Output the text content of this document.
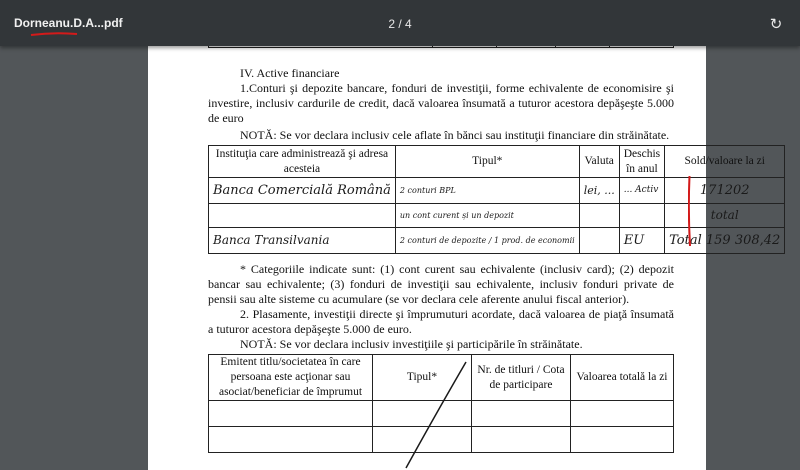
Dorneanu.D.A...pdf	2 / 4	↻

IV. Active financiare

1.Conturi şi depozite bancare, fonduri de investiţii, forme echivalente de economisire şi investire, inclusiv cardurile de credit, dacă valoarea însumată a tuturor acestora depăşeşte 5.000 de euro

NOTĂ: Se vor declara inclusiv cele aflate în bănci sau instituţii financiare din străinătate.

Instituţia care administrează şi adresa acesteia	Tipul*	Valuta	Deschis în anul	Sold/valoare la zi
Banca Comercială Română	2 conturi BPL	lei, ...	... Activ	171202
	un cont curent și un depozit			total
Banca Transilvania	2 conturi de depozite / 1 prod. de economii		EU	Total 159 308,42

* Categoriile indicate sunt: (1) cont curent sau echivalente (inclusiv card); (2) depozit bancar sau echivalente; (3) fonduri de investiţii sau echivalente, inclusiv fonduri private de pensii sau alte sisteme cu acumulare (se vor declara cele aferente anului fiscal anterior).

2. Plasamente, investiţii directe şi împrumuturi acordate, dacă valoarea de piaţă însumată a tuturor acestora depăşeşte 5.000 de euro.

NOTĂ: Se vor declara inclusiv investiţiile şi participările în străinătate.

Emitent titlu/societatea în care persoana este acţionar sau asociat/beneficiar de împrumut	Tipul*	Nr. de titluri / Cota de participare	Valoarea totală la zi
